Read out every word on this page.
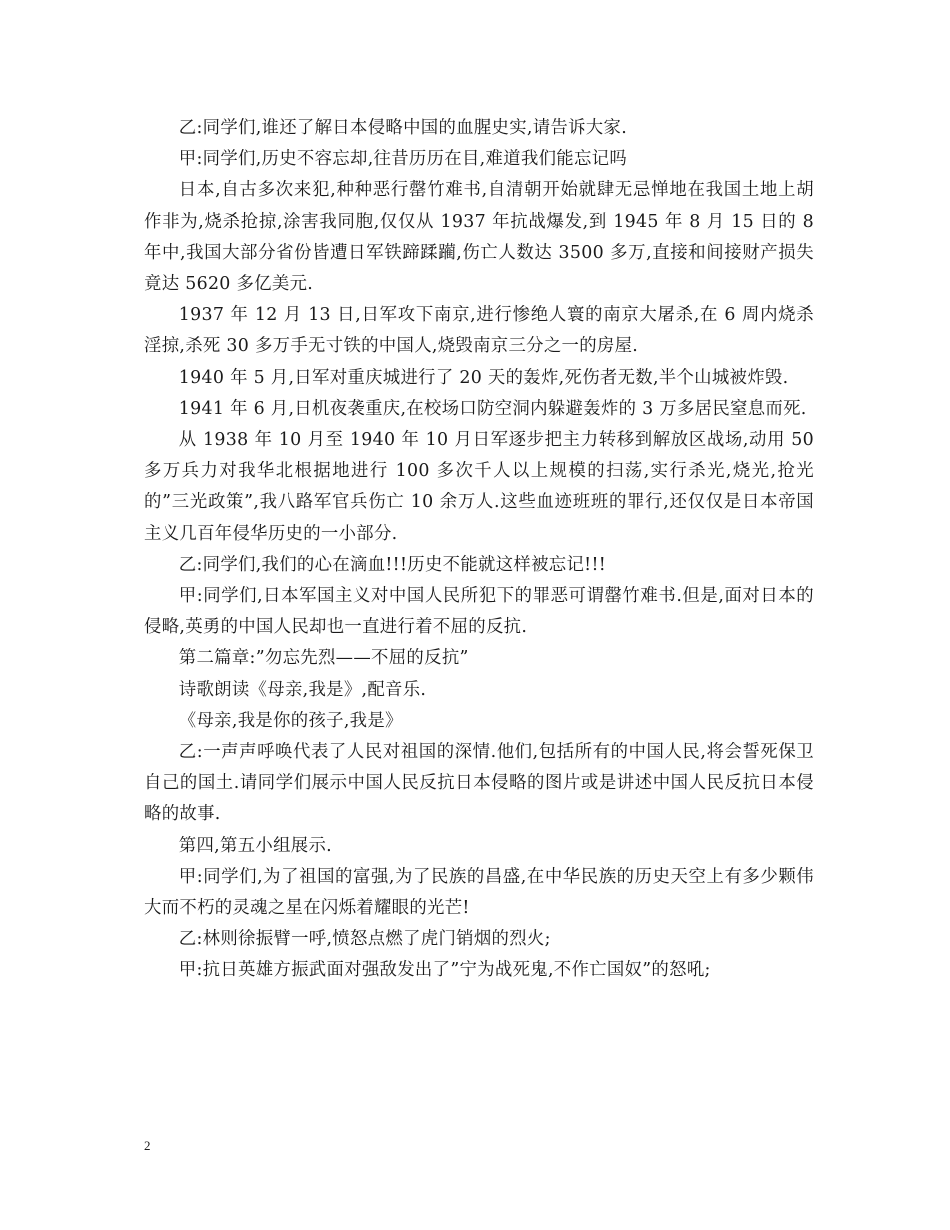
乙:同学们,谁还了解日本侵略中国的血腥史实,请告诉大家.

甲:同学们,历史不容忘却,往昔历历在目,难道我们能忘记吗

日本,自古多次来犯,种种恶行罄竹难书,自清朝开始就肆无忌惮地在我国土地上胡作非为,烧杀抢掠,涂害我同胞,仅仅从 1937 年抗战爆发,到 1945 年 8 月 15 日的 8 年中,我国大部分省份皆遭日军铁蹄蹂躏,伤亡人数达 3500 多万,直接和间接财产损失竟达 5620 多亿美元.

1937 年 12 月 13 日,日军攻下南京,进行惨绝人寰的南京大屠杀,在 6 周内烧杀淫掠,杀死 30 多万手无寸铁的中国人,烧毁南京三分之一的房屋.

1940 年 5 月,日军对重庆城进行了 20 天的轰炸,死伤者无数,半个山城被炸毁.

1941 年 6 月,日机夜袭重庆,在校场口防空洞内躲避轰炸的 3 万多居民窒息而死.

从 1938 年 10 月至 1940 年 10 月日军逐步把主力转移到解放区战场,动用 50 多万兵力对我华北根据地进行 100 多次千人以上规模的扫荡,实行杀光,烧光,抢光的”三光政策”,我八路军官兵伤亡 10 余万人.这些血迹班班的罪行,还仅仅是日本帝国主义几百年侵华历史的一小部分.

乙:同学们,我们的心在滴血!!!历史不能就这样被忘记!!!

甲:同学们,日本军国主义对中国人民所犯下的罪恶可谓罄竹难书.但是,面对日本的侵略,英勇的中国人民却也一直进行着不屈的反抗.

第二篇章:”勿忘先烈——不屈的反抗”

诗歌朗读《母亲,我是》,配音乐.

《母亲,我是你的孩子,我是》

乙:一声声呼唤代表了人民对祖国的深情.他们,包括所有的中国人民,将会誓死保卫自己的国土.请同学们展示中国人民反抗日本侵略的图片或是讲述中国人民反抗日本侵略的故事.

第四,第五小组展示.

甲:同学们,为了祖国的富强,为了民族的昌盛,在中华民族的历史天空上有多少颗伟大而不朽的灵魂之星在闪烁着耀眼的光芒!

乙:林则徐振臂一呼,愤怒点燃了虎门销烟的烈火;

甲:抗日英雄方振武面对强敌发出了”宁为战死鬼,不作亡国奴”的怒吼;

2
